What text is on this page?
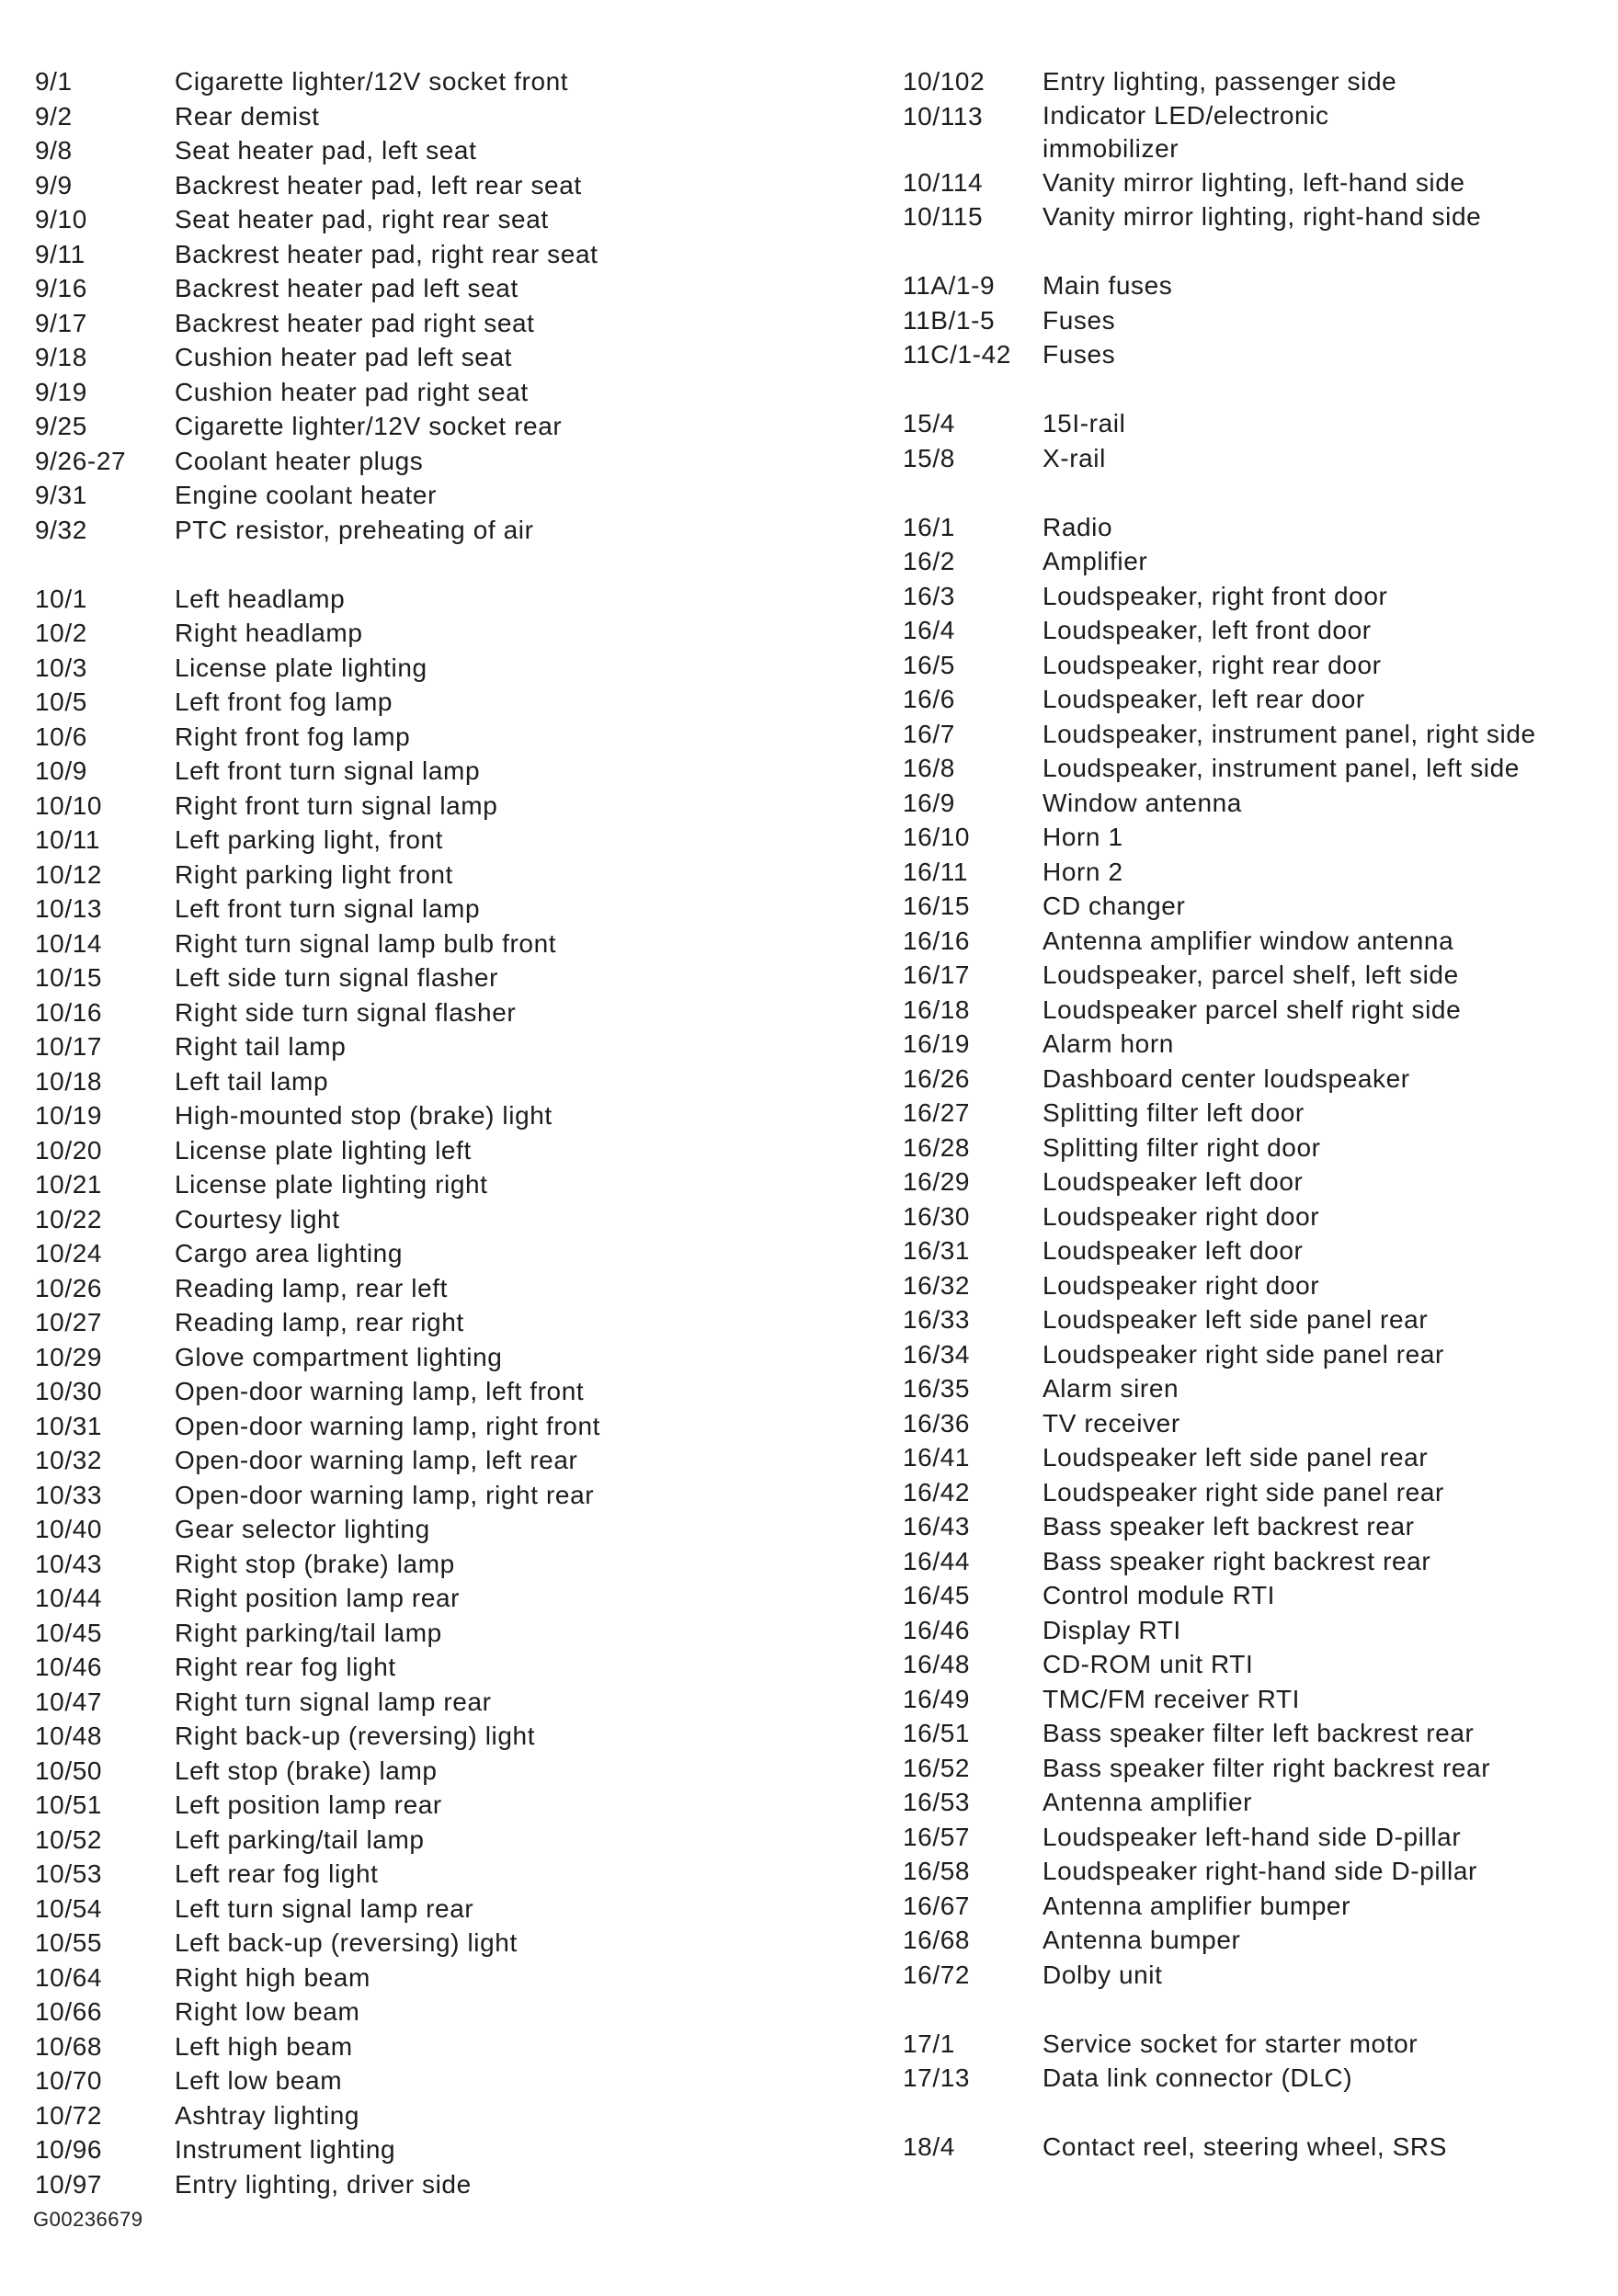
9/1	Cigarette lighter/12V socket front
9/2	Rear demist
9/8	Seat heater pad, left seat
9/9	Backrest heater pad, left rear seat
9/10	Seat heater pad, right rear seat
9/11	Backrest heater pad, right rear seat
9/16	Backrest heater pad left seat
9/17	Backrest heater pad right seat
9/18	Cushion heater pad left seat
9/19	Cushion heater pad right seat
9/25	Cigarette lighter/12V socket rear
9/26-27	Coolant heater plugs
9/31	Engine coolant heater
9/32	PTC resistor, preheating of air
10/1	Left headlamp
10/2	Right headlamp
10/3	License plate lighting
10/5	Left front fog lamp
10/6	Right front fog lamp
10/9	Left front turn signal lamp
10/10	Right front turn signal lamp
10/11	Left parking light, front
10/12	Right parking light front
10/13	Left front turn signal lamp
10/14	Right turn signal lamp bulb front
10/15	Left side turn signal flasher
10/16	Right side turn signal flasher
10/17	Right tail lamp
10/18	Left tail lamp
10/19	High-mounted stop (brake) light
10/20	License plate lighting left
10/21	License plate lighting right
10/22	Courtesy light
10/24	Cargo area lighting
10/26	Reading lamp, rear left
10/27	Reading lamp, rear right
10/29	Glove compartment lighting
10/30	Open-door warning lamp, left front
10/31	Open-door warning lamp, right front
10/32	Open-door warning lamp, left rear
10/33	Open-door warning lamp, right rear
10/40	Gear selector lighting
10/43	Right stop (brake) lamp
10/44	Right position lamp rear
10/45	Right parking/tail lamp
10/46	Right rear fog light
10/47	Right turn signal lamp rear
10/48	Right back-up (reversing) light
10/50	Left stop (brake) lamp
10/51	Left position lamp rear
10/52	Left parking/tail lamp
10/53	Left rear fog light
10/54	Left turn signal lamp rear
10/55	Left back-up (reversing) light
10/64	Right high beam
10/66	Right low beam
10/68	Left high beam
10/70	Left low beam
10/72	Ashtray lighting
10/96	Instrument lighting
10/97	Entry lighting, driver side
10/102	Entry lighting, passenger side
10/113	Indicator LED/electronic immobilizer
10/114	Vanity mirror lighting, left-hand side
10/115	Vanity mirror lighting, right-hand side
11A/1-9	Main fuses
11B/1-5	Fuses
11C/1-42	Fuses
15/4	15I-rail
15/8	X-rail
16/1	Radio
16/2	Amplifier
16/3	Loudspeaker, right front door
16/4	Loudspeaker, left front door
16/5	Loudspeaker, right rear door
16/6	Loudspeaker, left rear door
16/7	Loudspeaker, instrument panel, right side
16/8	Loudspeaker, instrument panel, left side
16/9	Window antenna
16/10	Horn 1
16/11	Horn 2
16/15	CD changer
16/16	Antenna amplifier window antenna
16/17	Loudspeaker, parcel shelf, left side
16/18	Loudspeaker parcel shelf right side
16/19	Alarm horn
16/26	Dashboard center loudspeaker
16/27	Splitting filter left door
16/28	Splitting filter right door
16/29	Loudspeaker left door
16/30	Loudspeaker right door
16/31	Loudspeaker left door
16/32	Loudspeaker right door
16/33	Loudspeaker left side panel rear
16/34	Loudspeaker right side panel rear
16/35	Alarm siren
16/36	TV receiver
16/41	Loudspeaker left side panel rear
16/42	Loudspeaker right side panel rear
16/43	Bass speaker left backrest rear
16/44	Bass speaker right backrest rear
16/45	Control module RTI
16/46	Display RTI
16/48	CD-ROM unit RTI
16/49	TMC/FM receiver RTI
16/51	Bass speaker filter left backrest rear
16/52	Bass speaker filter right backrest rear
16/53	Antenna amplifier
16/57	Loudspeaker left-hand side D-pillar
16/58	Loudspeaker right-hand side D-pillar
16/67	Antenna amplifier bumper
16/68	Antenna bumper
16/72	Dolby unit
17/1	Service socket for starter motor
17/13	Data link connector (DLC)
18/4	Contact reel, steering wheel, SRS
G00236679
